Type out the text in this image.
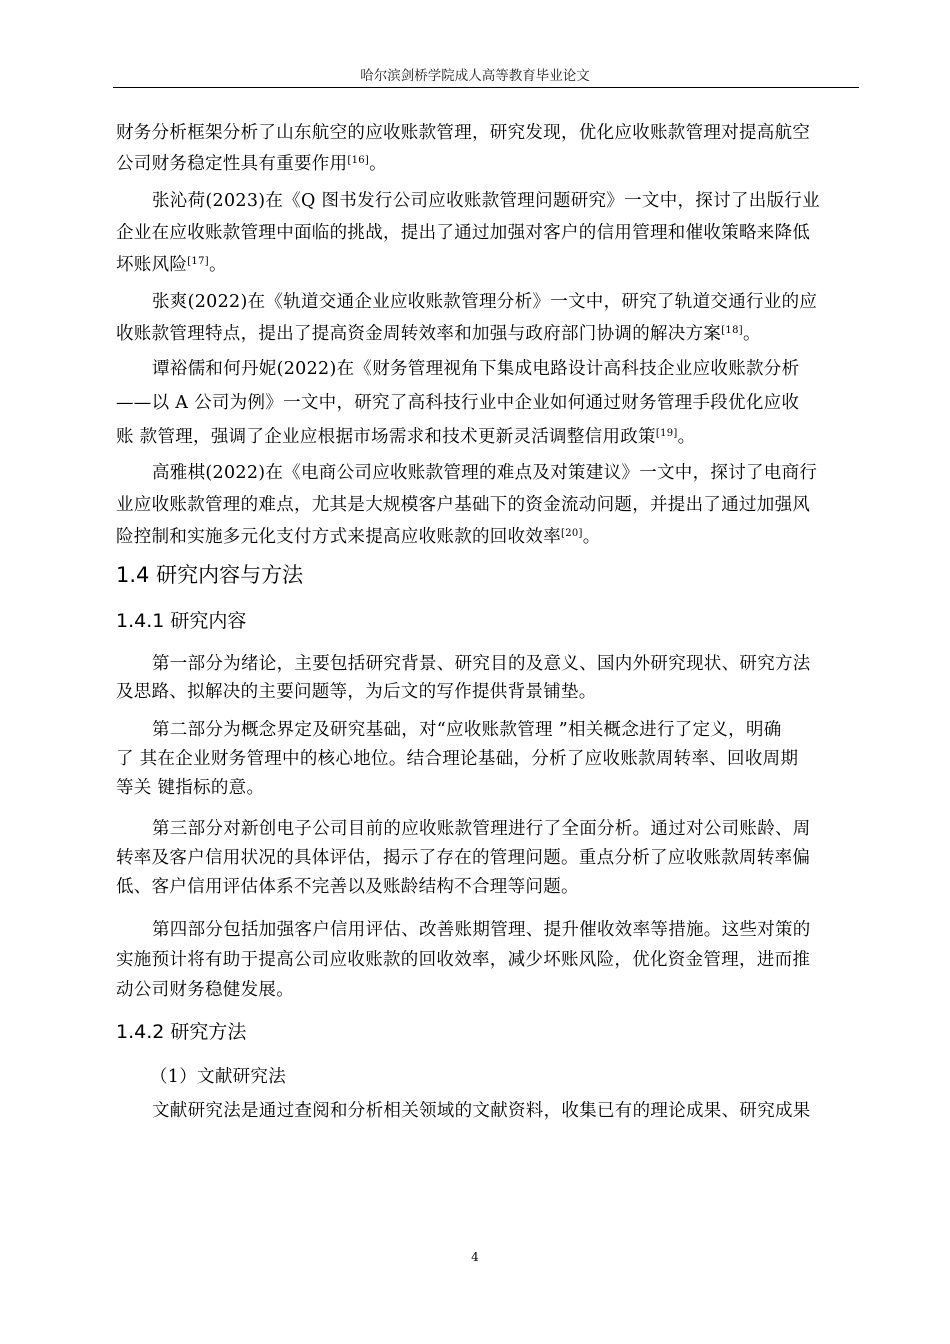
哈尔滨剑桥学院成人高等教育毕业论文
财务分析框架分析了山东航空的应收账款管理，研究发现，优化应收账款管理对提高航空
公司财务稳定性具有重要作用[16]。
张沁荷(2023)在《Q 图书发行公司应收账款管理问题研究》一文中，探讨了出版行业
企业在应收账款管理中面临的挑战，提出了通过加强对客户的信用管理和催收策略来降低
坏账风险[17]。
张爽(2022)在《轨道交通企业应收账款管理分析》一文中，研究了轨道交通行业的应
收账款管理特点，提出了提高资金周转效率和加强与政府部门协调的解决方案[18]。
谭裕儒和何丹妮(2022)在《财务管理视角下集成电路设计高科技企业应收账款分析
——以 A 公司为例》一文中，研究了高科技行业中企业如何通过财务管理手段优化应收
账 款管理，强调了企业应根据市场需求和技术更新灵活调整信用政策[19]。
高雅棋(2022)在《电商公司应收账款管理的难点及对策建议》一文中，探讨了电商行
业应收账款管理的难点，尤其是大规模客户基础下的资金流动问题，并提出了通过加强风
险控制和实施多元化支付方式来提高应收账款的回收效率[20]。
1.4 研究内容与方法
1.4.1 研究内容
第一部分为绪论，主要包括研究背景、研究目的及意义、国内外研究现状、研究方法
及思路、拟解决的主要问题等，为后文的写作提供背景铺垫。
第二部分为概念界定及研究基础，对“应收账款管理 ”相关概念进行了定义，明确
了 其在企业财务管理中的核心地位。结合理论基础，分析了应收账款周转率、回收周期
等关 键指标的意。
第三部分对新创电子公司目前的应收账款管理进行了全面分析。通过对公司账龄、周
转率及客户信用状况的具体评估，揭示了存在的管理问题。重点分析了应收账款周转率偏
低、客户信用评估体系不完善以及账龄结构不合理等问题。
第四部分包括加强客户信用评估、改善账期管理、提升催收效率等措施。这些对策的
实施预计将有助于提高公司应收账款的回收效率，减少坏账风险，优化资金管理，进而推
动公司财务稳健发展。
1.4.2 研究方法
（1）文献研究法
文献研究法是通过查阅和分析相关领域的文献资料，收集已有的理论成果、研究成果
4
